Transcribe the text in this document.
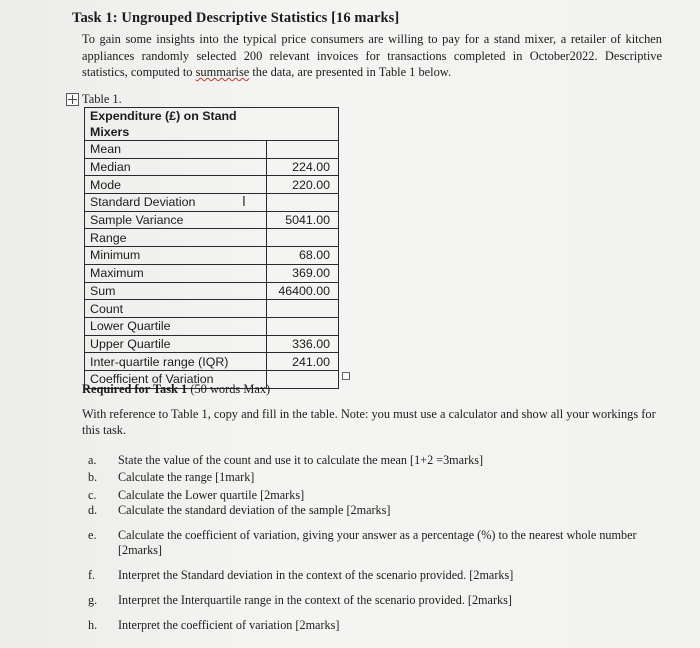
Task 1: Ungrouped Descriptive Statistics [16 marks]
To gain some insights into the typical price consumers are willing to pay for a stand mixer, a retailer of kitchen appliances randomly selected 200 relevant invoices for transactions completed in October2022. Descriptive statistics, computed to summarise the data, are presented in Table 1 below.
Table 1.
Expenditure (£) on Stand Mixers	
Mean	
Median	224.00
Mode	220.00
Standard Deviation	
Sample Variance	5041.00
Range	
Minimum	68.00
Maximum	369.00
Sum	46400.00
Count	
Lower Quartile	
Upper Quartile	336.00
Inter-quartile range (IQR)	241.00
Coefficient of Variation	
I
Required for Task 1 (50 words Max)
With reference to Table 1, copy and fill in the table. Note: you must use a calculator and show all your workings for this task.
a.	State the value of the count and use it to calculate the mean [1+2 =3marks]
b.	Calculate the range [1mark]
c.	Calculate the Lower quartile [2marks]
d.	Calculate the standard deviation of the sample [2marks]
e.	Calculate the coefficient of variation, giving your answer as a percentage (%) to the nearest whole number [2marks]
f.	Interpret the Standard deviation in the context of the scenario provided. [2marks]
g.	Interpret the Interquartile range in the context of the scenario provided. [2marks]
h.	Interpret the coefficient of variation [2marks]
